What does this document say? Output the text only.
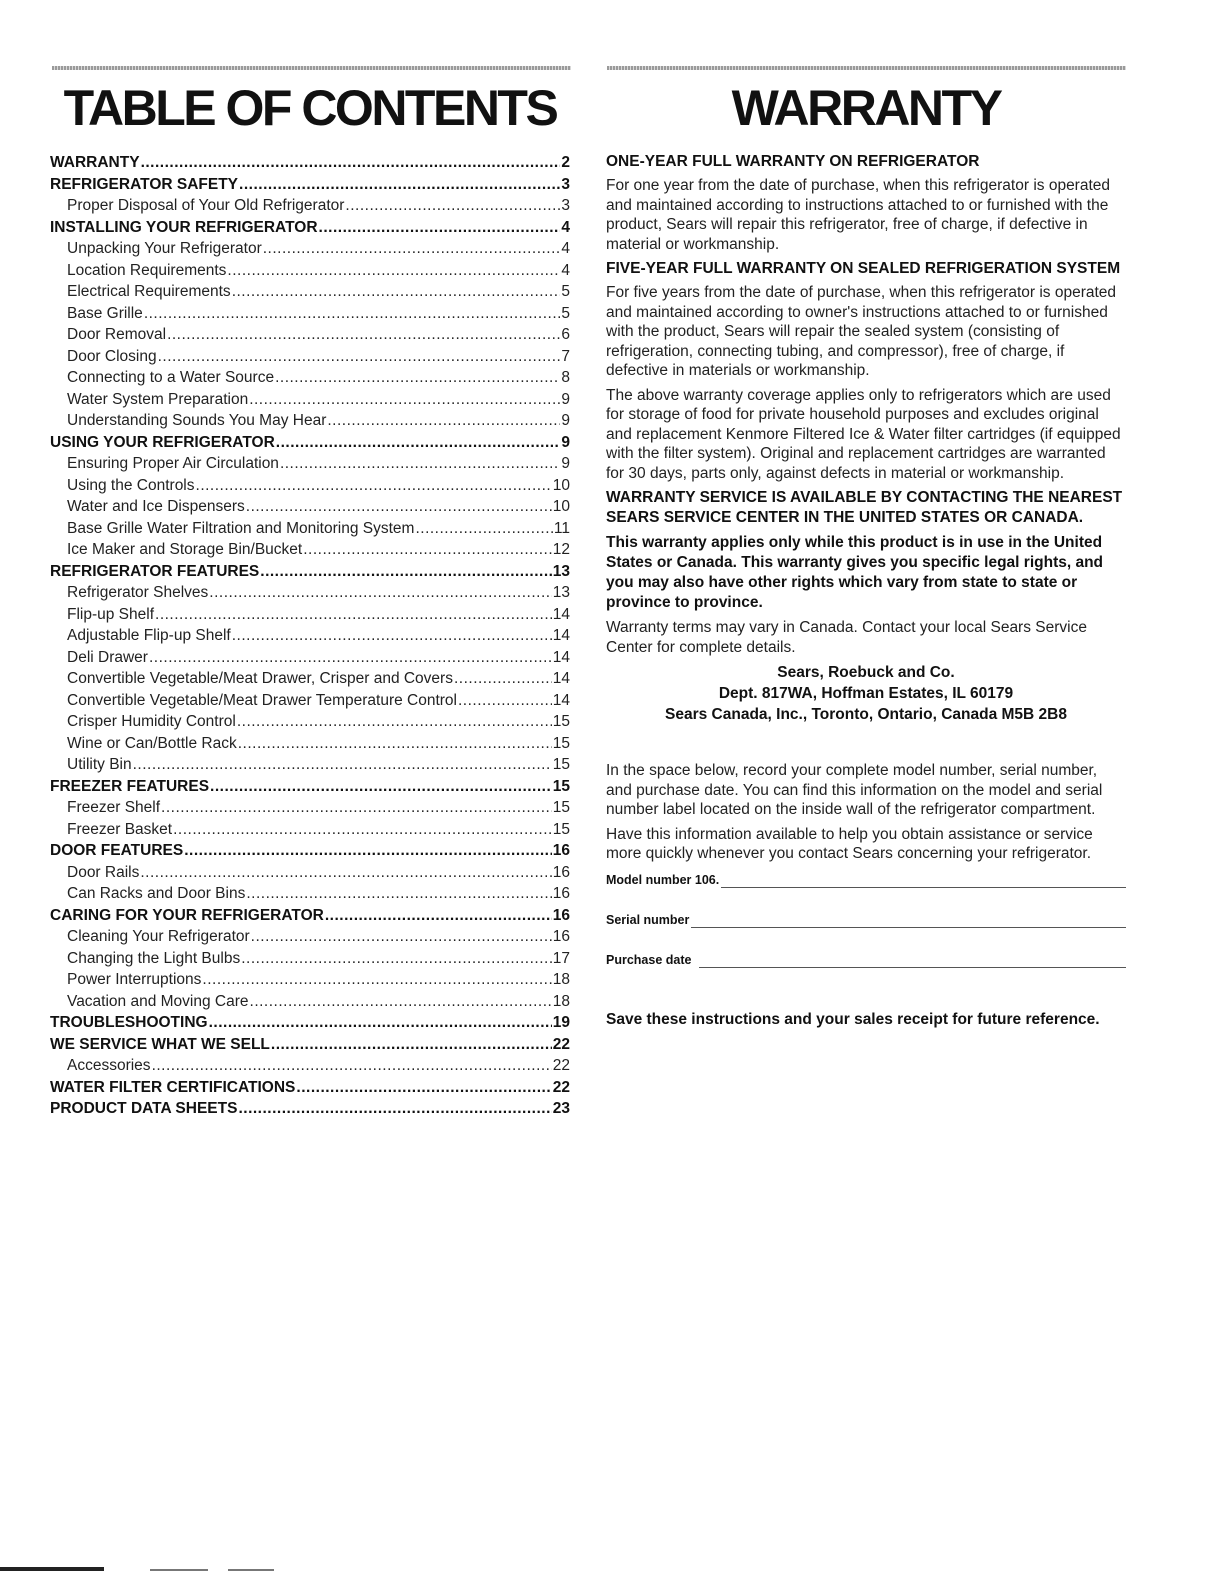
TABLE OF CONTENTS
WARRANTY .....	2
REFRIGERATOR SAFETY .....	3
Proper Disposal of Your Old Refrigerator .....	3
INSTALLING YOUR REFRIGERATOR .....	4
Unpacking Your Refrigerator .....	4
Location Requirements .....	4
Electrical Requirements .....	5
Base Grille .....	5
Door Removal .....	6
Door Closing .....	7
Connecting to a Water Source .....	8
Water System Preparation .....	9
Understanding Sounds You May Hear .....	9
USING YOUR REFRIGERATOR .....	9
Ensuring Proper Air Circulation .....	9
Using the Controls .....	10
Water and Ice Dispensers .....	10
Base Grille Water Filtration and Monitoring System .....	11
Ice Maker and Storage Bin/Bucket .....	12
REFRIGERATOR FEATURES .....	13
Refrigerator Shelves .....	13
Flip-up Shelf .....	14
Adjustable Flip-up Shelf .....	14
Deli Drawer .....	14
Convertible Vegetable/Meat Drawer, Crisper and Covers .....	14
Convertible Vegetable/Meat Drawer Temperature Control .....	14
Crisper Humidity Control .....	15
Wine or Can/Bottle Rack .....	15
Utility Bin .....	15
FREEZER FEATURES .....	15
Freezer Shelf .....	15
Freezer Basket .....	15
DOOR FEATURES .....	16
Door Rails .....	16
Can Racks and Door Bins .....	16
CARING FOR YOUR REFRIGERATOR .....	16
Cleaning Your Refrigerator .....	16
Changing the Light Bulbs .....	17
Power Interruptions .....	18
Vacation and Moving Care .....	18
TROUBLESHOOTING .....	19
WE SERVICE WHAT WE SELL .....	22
Accessories .....	22
WATER FILTER CERTIFICATIONS .....	22
PRODUCT DATA SHEETS .....	23
WARRANTY
ONE-YEAR FULL WARRANTY ON REFRIGERATOR
For one year from the date of purchase, when this refrigerator is operated and maintained according to instructions attached to or furnished with the product, Sears will repair this refrigerator, free of charge, if defective in material or workmanship.
FIVE-YEAR FULL WARRANTY ON SEALED REFRIGERATION SYSTEM
For five years from the date of purchase, when this refrigerator is operated and maintained according to owner's instructions attached to or furnished with the product, Sears will repair the sealed system (consisting of refrigeration, connecting tubing, and compressor), free of charge, if defective in materials or workmanship.
The above warranty coverage applies only to refrigerators which are used for storage of food for private household purposes and excludes original and replacement Kenmore Filtered Ice & Water filter cartridges (if equipped with the filter system). Original and replacement cartridges are warranted for 30 days, parts only, against defects in material or workmanship.
WARRANTY SERVICE IS AVAILABLE BY CONTACTING THE NEAREST SEARS SERVICE CENTER IN THE UNITED STATES OR CANADA.
This warranty applies only while this product is in use in the United States or Canada. This warranty gives you specific legal rights, and you may also have other rights which vary from state to state or province to province.
Warranty terms may vary in Canada. Contact your local Sears Service Center for complete details.
Sears, Roebuck and Co.
Dept. 817WA, Hoffman Estates, IL 60179
Sears Canada, Inc., Toronto, Ontario, Canada M5B 2B8
In the space below, record your complete model number, serial number, and purchase date. You can find this information on the model and serial number label located on the inside wall of the refrigerator compartment.
Have this information available to help you obtain assistance or service more quickly whenever you contact Sears concerning your refrigerator.
Model number 106.
Serial number
Purchase date
Save these instructions and your sales receipt for future reference.
